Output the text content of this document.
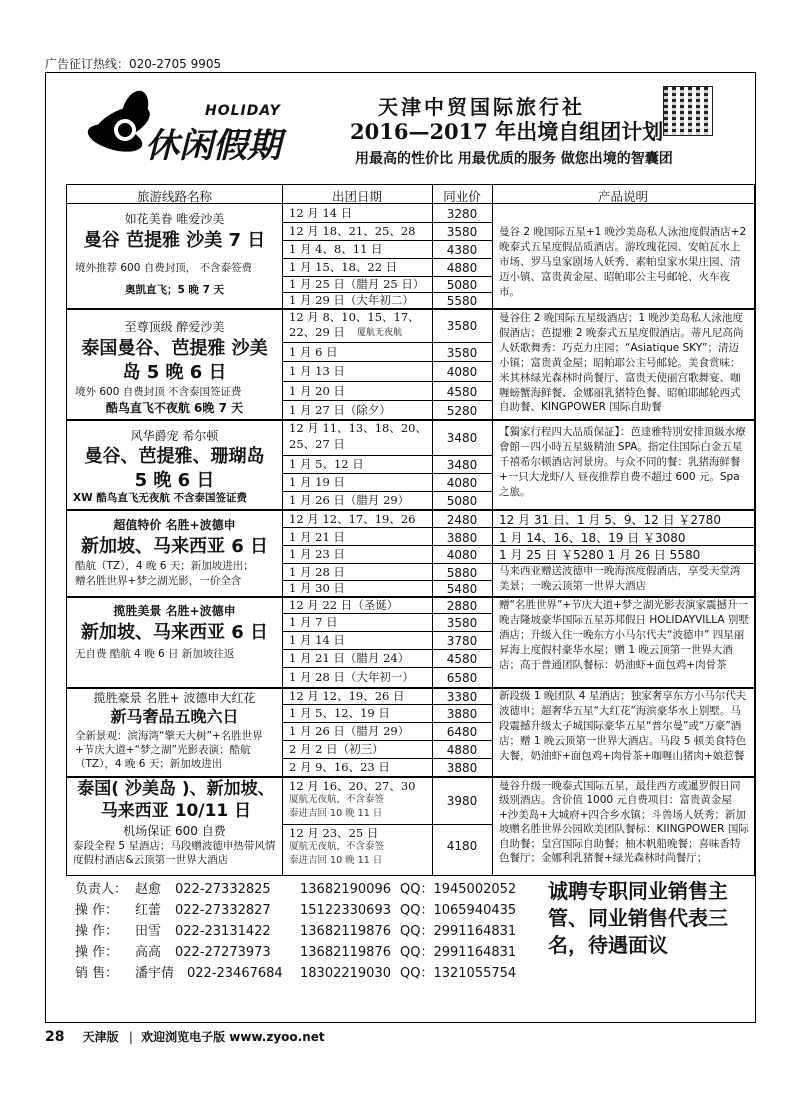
广告征订热线：020-2705 9905
HOLIDAY
休闲假期
天津中贸国际旅行社
2016—2017 年出境自组团计划
用最高的性价比 用最优质的服务 做您出境的智囊团
旅游线路名称	出团日期	同业价	产品说明
如花美眷 唯爱沙美
曼谷 芭提雅 沙美 7 日
境外推荐 600 自费封顶， 不含泰签费
奥凯直飞；5 晚 7 天
12 月 14 日	3280
12 月 18、21、25、28	3580
1 月 4、8、11 日	4380
1 月 15、18、22 日	4880
1 月 25 日（腊月 25 日）	5080
1 月 29 日（大年初二）	5580
曼谷 2 晚国际五星+1 晚沙美岛私人泳池度假酒店+2 晚泰式五星度假品质酒店。游玫瑰花园、安帕瓦水上市场、罗马皇家剧场人妖秀、素帕皇家水果庄园、清迈小镇、富贵黄金屋、昭帕耶公主号邮轮、火车夜市。
至尊顶级 醉爱沙美
泰国曼谷、芭提雅 沙美岛 5 晚 6 日
境外 600 自费封顶 不含泰国签证费
酷鸟直飞不夜航 6晚 7 天
12 月 8、10、15、17、
22、29 日 厦航无夜航	3580
1 月 6 日	3580
1 月 13 日	4080
1 月 20 日	4580
1 月 27 日（除夕）	5280
曼谷住 2 晚国际五星级酒店；1 晚沙美岛私人泳池度假酒店；芭提雅 2 晚泰式五星度假酒店。蒂凡尼高尚人妖歌舞秀：巧克力庄园；“Asiatique SKY”；清迈小镇；富贵黄金屋；昭帕耶公主号邮轮。美食赏味：米其林绿光森林时尚餐厅、富贵天使丽宫歌舞宴、咖喱螃蟹海鲜餐、金娜丽乳猪特色餐、昭帕耶邮轮西式自助餐、KINGPOWER 国际自助餐
风华爵宠 希尔顿
曼谷、芭提雅、珊瑚岛 5 晚 6 日
XW 酷鸟直飞无夜航 不含泰国签证费
12 月 11、13、18、20、
25、27 日	3480
1 月 5、12 日	3480
1 月 19 日	4080
1 月 26 日（腊月 29）	5080
【獨家行程四大品质保証】：芭達雅特別安排頂級水療會館－四小時五星級精油 SPA。指定住国际白金五星千禧希尔顿酒店河景房。与众不同的餐：乳猪海鲜餐+一只大龙虾/人 昼夜推荐自费不超过 600 元。Spa 之旅。
超值特价 名胜+波德申
新加坡、马来西亚 6 日
酷航（TZ），4 晚 6 天；新加坡进出；
赠名胜世界+梦之湖光影，一价全含
12 月 12、17、19、26	2480
1 月 21 日	3880
1 月 23 日	4080
1 月 28 日	5880
1 月 30 日	5480
12 月 31 日、1 月 5、9、12 日 ￥2780
1 月 14、16、18、19 日 ￥3080
1 月 25 日 ￥5280 1 月 26 日 5580
马来西亚赠送波德申一晚海滨度假酒店，享受天堂湾美景；一晚云顶第一世界大酒店
揽胜美景 名胜+波德申
新加坡、马来西亚 6 日
无自费 酷航 4 晚 6 日 新加坡往返
12 月 22 日（圣诞）	2880
1 月 7 日	3580
1 月 14 日	3780
1 月 21 日（腊月 24）	4580
1 月 28 日（大年初一）	6580
赠“名胜世界”+节庆大道+梦之湖光影表演家震撼升一晚吉隆坡豪华国际五星苏邦假日 HOLIDAYVILLA 别墅酒店；升级入住一晚东方小马尔代夫“波德申” 四星丽昇海上度假村豪华水屋；赠 1 晚云顶第一世界大酒店；高于普通团队餐标：奶油虾+面包鸡+肉骨茶
揽胜豪景 名胜+ 波德申大红花
新马奢品五晚六日
全新景观：滨海湾“擎天大树”+名胜世界+节庆大道+“梦之湖”光影表演；酷航（TZ），4 晚 6 天；新加坡进出
12 月 12、19、26 日	3380
1 月 5、12、19 日	3880
1 月 26 日（腊月 29）	6480
2 月 2 日（初三）	4880
2 月 9、16、23 日	3880
新段级 1 晚团队 4 星酒店；独家奢享东方小马尔代夫波德申；超奢华五星“大红花”海滨豪华水上别墅。马段震撼升级太子城国际豪华五星“普尔曼”或“万豪”酒店；赠 1 晚云顶第一世界大酒店。马段 5 顿美食特色大餐，奶油虾+面包鸡+肉骨茶+咖喱山猪肉+娘惹餐
泰国( 沙美岛 )、新加坡、马来西亚 10/11 日
机场保证 600 自费
泰段全程 5 星酒店；马段赠波德申热带风情度假村酒店&云顶第一世界大酒店
12 月 16、20、27、30
厦航无夜航，不含泰签
泰进吉回 10 晚 11 日
3980
12 月 23、25 日
厦航无夜航，不含泰签
泰进吉回 10 晚 11 日
4180
曼谷升级一晚泰式国际五星，最佳西方或暹罗假日同级别酒店。含价值 1000 元自费项目：富贵黄金屋+沙美岛+大城府+四合乡水镇；斗兽场人妖秀；新加坡赠名胜世界公园欧美团队餐标：KIINGPOWER 国际自助餐；皇宫国际自助餐；柚木帆船晚餐；喜味香特色餐厅；金娜利乳猪餐+绿光森林时尚餐厅；
负责人： 赵愈 022-27332825 13682190096 QQ：1945002052
操 作： 红蕾 022-27332827 15122330693 QQ：1065940435
操 作： 田雪 022-23131422 13682119876 QQ：2991164831
操 作： 高高 022-27273973 13682119876 QQ：2991164831
销 售： 潘宇倩 022-23467684 18302219030 QQ：1321055754
诚聘专职同业销售主管、同业销售代表三名，待遇面议
28 天津版 | 欢迎浏览电子版 www.zyoo.net
